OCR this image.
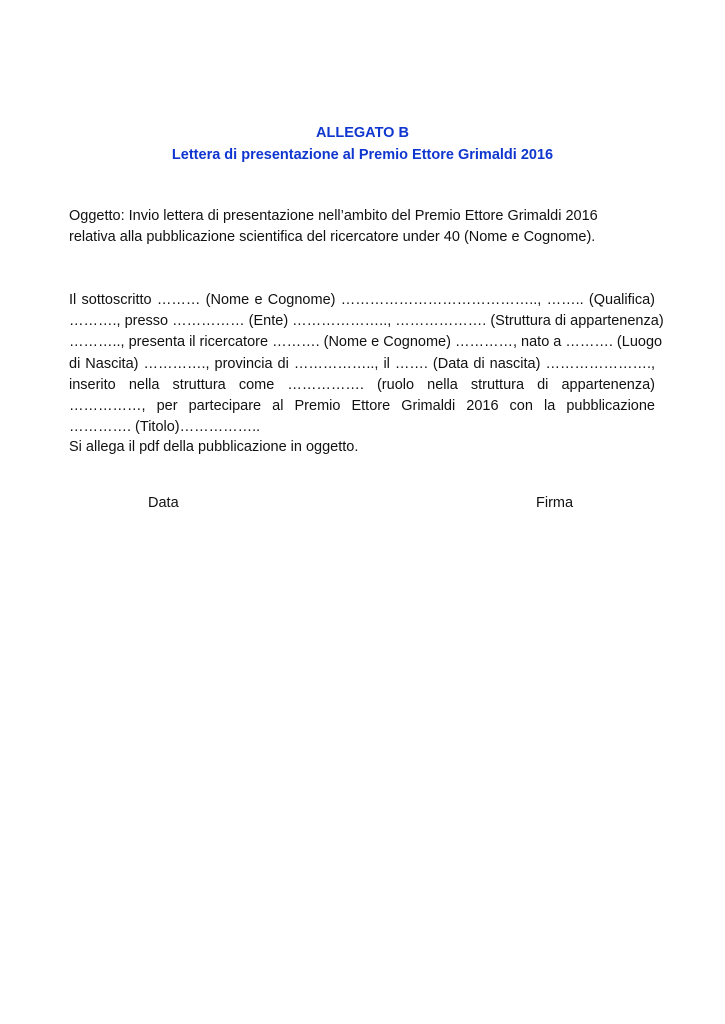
ALLEGATO B
Lettera di presentazione al Premio Ettore Grimaldi 2016
Oggetto: Invio lettera di presentazione nell’ambito del Premio Ettore Grimaldi 2016
relativa alla pubblicazione scientifica del ricercatore under 40 (Nome e Cognome).
Il sottoscritto ……… (Nome e Cognome) ………………………………….., …….. (Qualifica)
………., presso …………… (Ente) ……………….., ………………. (Struttura di appartenenza)
……….., presenta il ricercatore ………. (Nome e Cognome) …………, nato a ………. (Luogo
di Nascita) …………., provincia di …………….., il ……. (Data di nascita) ………………….,
inserito nella struttura come ……………. (ruolo nella struttura di appartenenza)
……………, per partecipare al Premio Ettore Grimaldi 2016 con la pubblicazione
…………. (Titolo)……………..
Si allega il pdf della pubblicazione in oggetto.
Data	Firma
